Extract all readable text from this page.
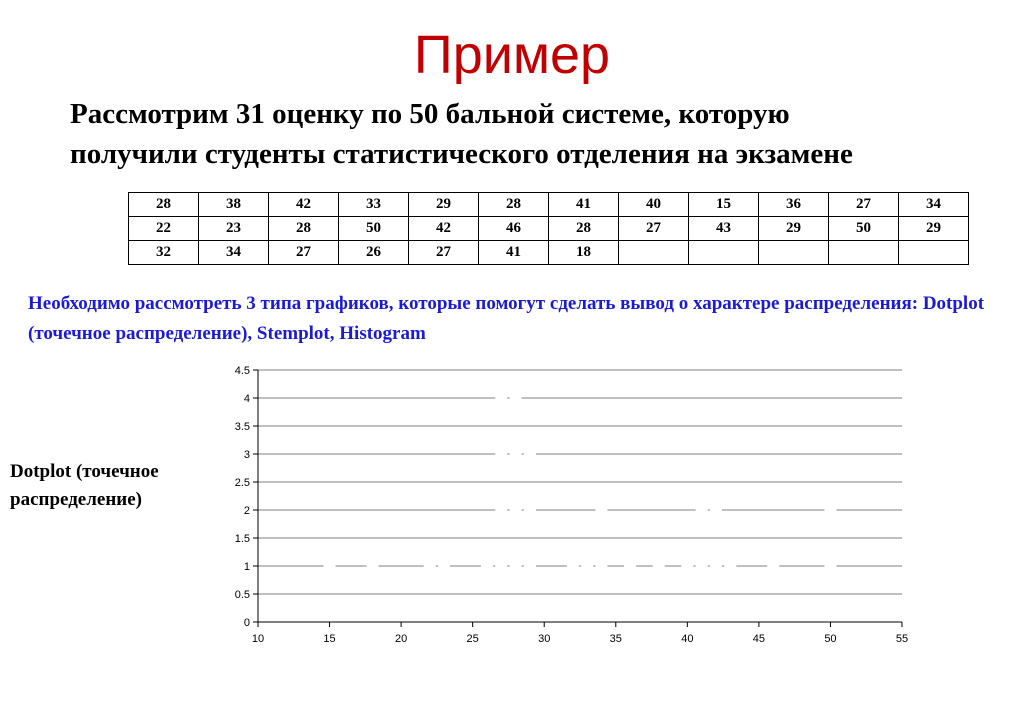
Пример
Рассмотрим 31 оценку по 50 бальной системе, которую
получили студенты статистического отделения на экзамене
28	38	42	33	29	28	41	40	15	36	27	34
22	23	28	50	42	46	28	27	43	29	50	29
32	34	27	26	27	41	18					
Необходимо рассмотреть 3 типа графиков, которые помогут сделать вывод о характере распределения: Dotplot (точечное распределение), Stemplot, Histogram
Dotplot (точечное
распределение)
10	15	20	25	30	35	40	45	50	55
0
0.5
1
1.5
2
2.5
3
3.5
4
4.5
